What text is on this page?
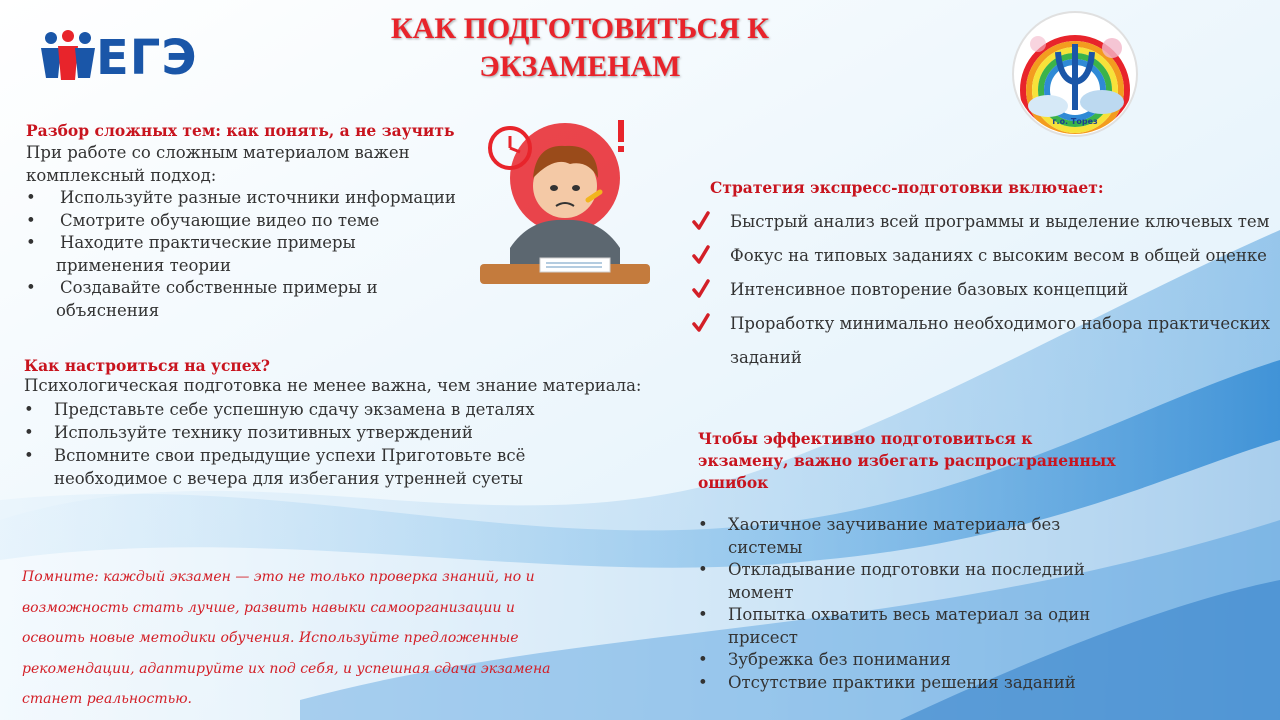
КАК ПОДГОТОВИТЬСЯ К ЭКЗАМЕНАМ
ЕГЭ
г.о. Торез
Разбор сложных тем: как понять, а не заучить
При работе со сложным материалом важен комплексный подход:
• Используйте разные источники информации
• Смотрите обучающие видео по теме
• Находите практические примеры применения теории
• Создавайте собственные примеры и объяснения
Как настроиться на успех?
Психологическая подготовка не менее важна, чем знание материала:
• Представьте себе успешную сдачу экзамена в деталях
• Используйте технику позитивных утверждений
• Вспомните свои предыдущие успехи Приготовьте всё необходимое с вечера для избегания утренней суеты
Стратегия экспресс-подготовки включает:
Быстрый анализ всей программы и выделение ключевых тем
Фокус на типовых заданиях с высоким весом в общей оценке
Интенсивное повторение базовых концепций
Проработку минимально необходимого набора практических заданий
Чтобы эффективно подготовиться к экзамену, важно избегать распространенных ошибок
• Хаотичное заучивание материала без системы
• Откладывание подготовки на последний момент
• Попытка охватить весь материал за один присест
• Зубрежка без понимания
• Отсутствие практики решения заданий
Помните: каждый экзамен — это не только проверка знаний, но и возможность стать лучше, развить навыки самоорганизации и освоить новые методики обучения. Используйте предложенные рекомендации, адаптируйте их под себя, и успешная сдача экзамена станет реальностью.
